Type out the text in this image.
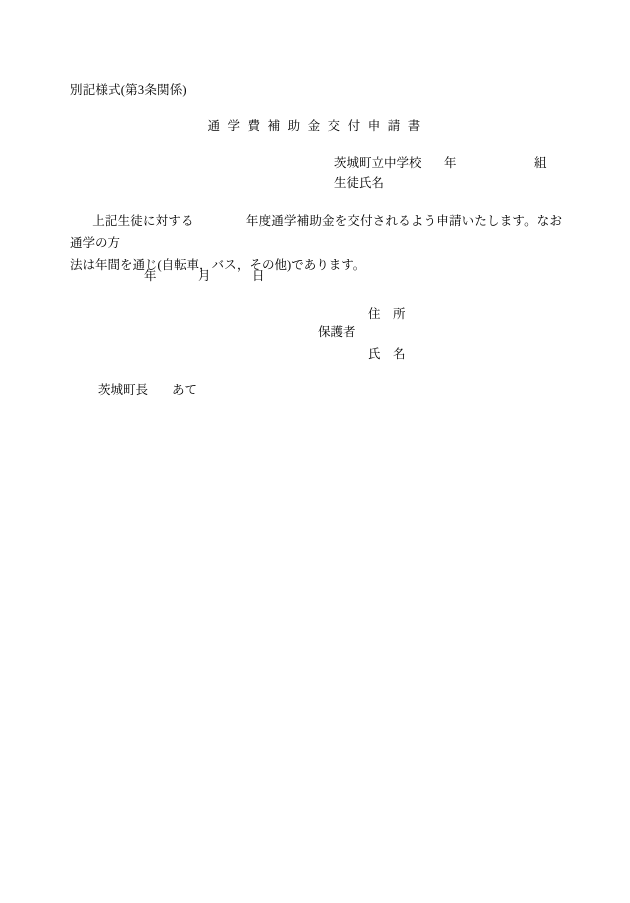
別記様式(第3条関係)
通 学 費 補 助 金 交 付 申 請 書
茨城町立中学校	年	組
生徒氏名
上記生徒に対する	年度通学補助金を交付されるよう申請いたします。なお通学の方
法は年間を通じ(自転車，バス，その他)であります。
年	月	日
住　所
保護者
氏　名
茨城町長 あて
